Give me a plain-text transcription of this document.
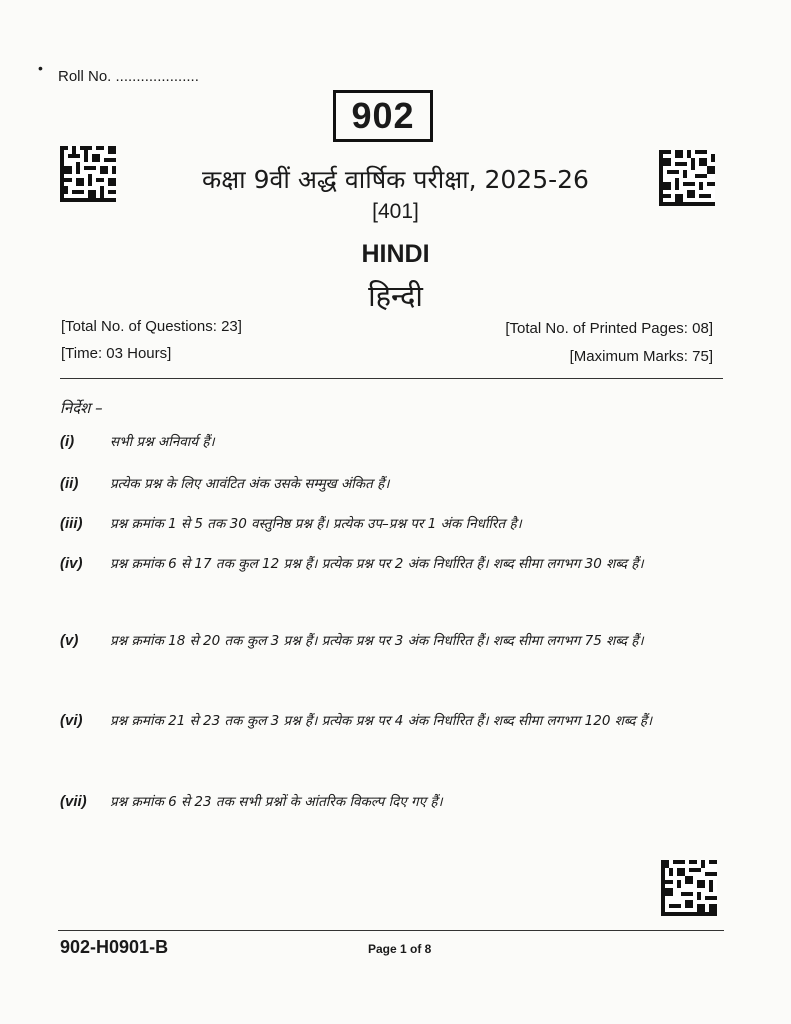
• Roll No. ....................
902
कक्षा 9वीं अर्द्ध वार्षिक परीक्षा, 2025-26
[401]
HINDI
हिन्दी
[Total No. of Questions: 23]
[Time: 03 Hours]
[Total No. of Printed Pages: 08]
[Maximum Marks: 75]
निर्देश –
(i)	सभी प्रश्न अनिवार्य हैं।
(ii) प्रत्येक प्रश्न के लिए आवंटित अंक उसके सम्मुख अंकित हैं।
(iii) प्रश्न क्रमांक 1 से 5 तक 30 वस्तुनिष्ठ प्रश्न हैं। प्रत्येक उप–प्रश्न पर 1 अंक निर्धारित है।
(iv) प्रश्न क्रमांक 6 से 17 तक कुल 12 प्रश्न हैं। प्रत्येक प्रश्न पर 2 अंक निर्धारित हैं। शब्द सीमा लगभग 30 शब्द हैं।
(v) प्रश्न क्रमांक 18 से 20 तक कुल 3 प्रश्न हैं। प्रत्येक प्रश्न पर 3 अंक निर्धारित हैं। शब्द सीमा लगभग 75 शब्द हैं।
(vi) प्रश्न क्रमांक 21 से 23 तक कुल 3 प्रश्न हैं। प्रत्येक प्रश्न पर 4 अंक निर्धारित हैं। शब्द सीमा लगभग 120 शब्द हैं।
(vii) प्रश्न क्रमांक 6 से 23 तक सभी प्रश्नों के आंतरिक विकल्प दिए गए हैं।
902-H0901-B	Page 1 of 8
